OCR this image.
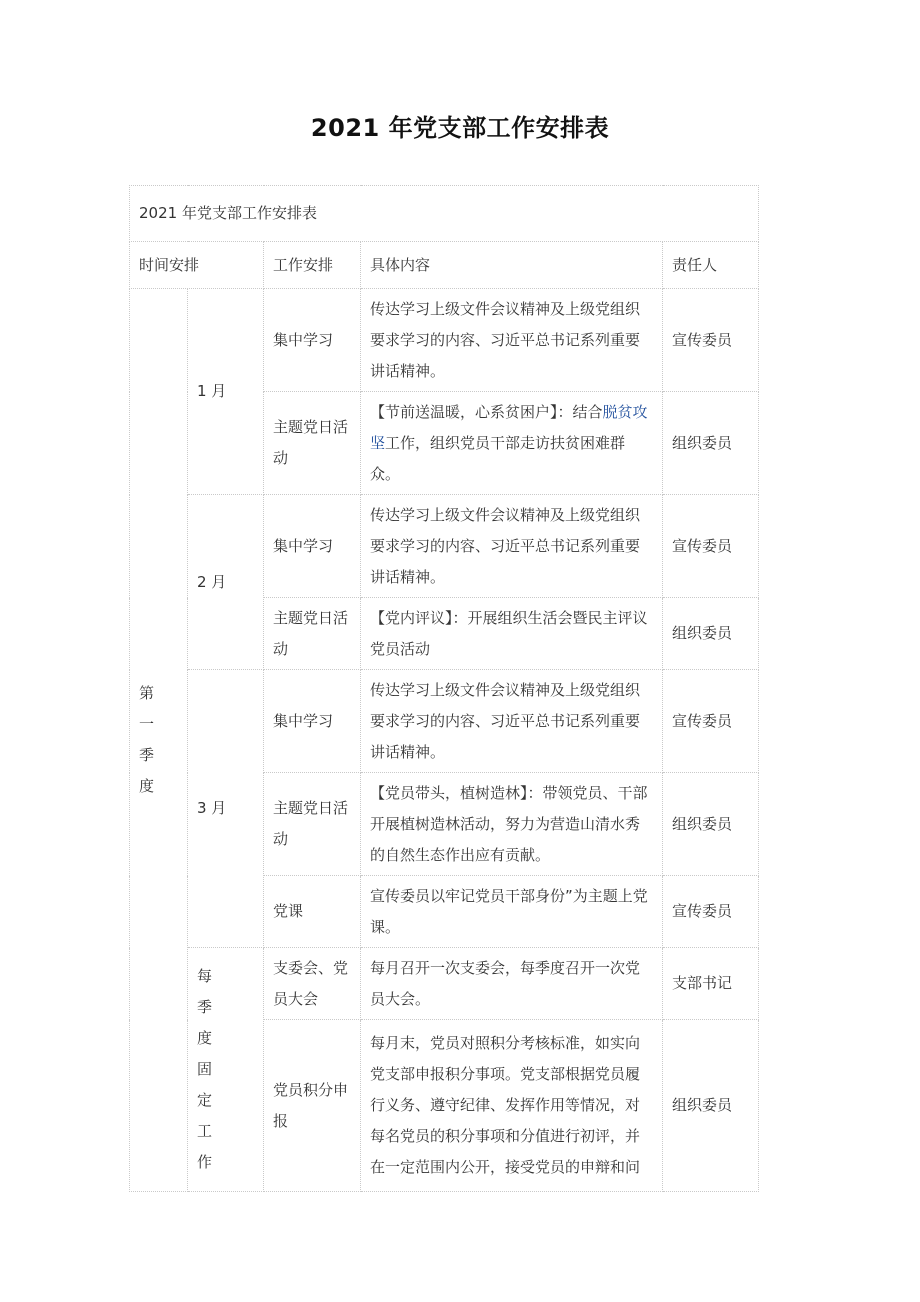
2021 年党支部工作安排表
2021 年党支部工作安排表				
时间安排		工作安排	具体内容	责任人
第 一 季度	1 月	集中学习	传达学习上级文件会议精神及上级党组织要求学习的内容、习近平总书记系列重要讲话精神。	宣传委员
		主题党日活动	【节前送温暖，心系贫困户】：结合脱贫攻坚工作，组织党员干部走访扶贫困难群众。	组织委员
	2 月	集中学习	传达学习上级文件会议精神及上级党组织要求学习的内容、习近平总书记系列重要讲话精神。	宣传委员
		主题党日活动	【党内评议】：开展组织生活会暨民主评议党员活动	组织委员
	3 月	集中学习	传达学习上级文件会议精神及上级党组织要求学习的内容、习近平总书记系列重要讲话精神。	宣传委员
		主题党日活动	【党员带头，植树造林】：带领党员、干部开展植树造林活动，努力为营造山清水秀的自然生态作出应有贡献。	组织委员
		党课	宣传委员以牢记党员干部身份”为主题上党课。	宣传委员
	每 季 度 固 定 工 作	支委会、党员大会	每月召开一次支委会，每季度召开一次党员大会。	支部书记
		党员积分申报	每月末，党员对照积分考核标准，如实向党支部申报积分事项。党支部根据党员履行义务、遵守纪律、发挥作用等情况，对每名党员的积分事项和分值进行初评，并在一定范围内公开，接受党员的申辩和问	组织委员
